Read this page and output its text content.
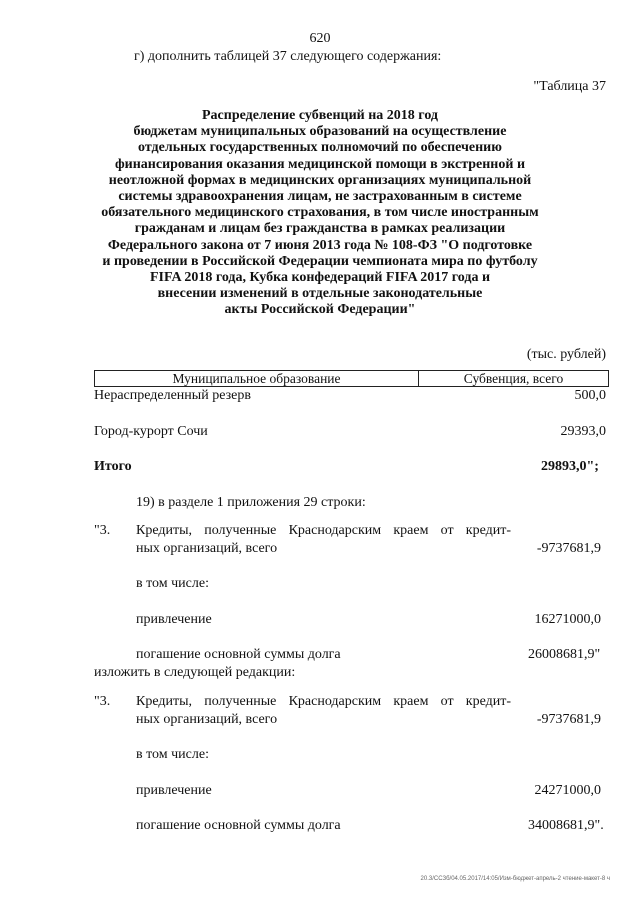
620
г) дополнить таблицей 37 следующего содержания:
"Таблица 37
Распределение субвенций на 2018 год
бюджетам муниципальных образований на осуществление
отдельных государственных полномочий по обеспечению
финансирования оказания медицинской помощи в экстренной и
неотложной формах в медицинских организациях муниципальной
системы здравоохранения лицам, не застрахованным в системе
обязательного медицинского страхования, в том числе иностранным
гражданам и лицам без гражданства в рамках реализации
Федерального закона от 7 июня 2013 года № 108-ФЗ "О подготовке
и проведении в Российской Федерации чемпионата мира по футболу
FIFA 2018 года, Кубка конфедераций FIFA 2017 года и
внесении изменений в отдельные законодательные
акты Российской Федерации"
(тыс. рублей)
Муниципальное образование	Субвенция, всего
Нераспределенный резерв	500,0
Город-курорт Сочи	29393,0
Итого	29893,0";
19) в разделе 1 приложения 29 строки:
"3. Кредиты, полученные Краснодарским краем от кредит-
ных организаций, всего	-9737681,9
в том числе:
привлечение	16271000,0
погашение основной суммы долга	26008681,9"
изложить в следующей редакции:
"3. Кредиты, полученные Краснодарским краем от кредит-
ных организаций, всего	-9737681,9
в том числе:
привлечение	24271000,0
погашение основной суммы долга	34008681,9".
20.3/ССЗб/04.05.2017/14:05/Изм-бюджет-апрель-2 чтение-макет-8 ч
